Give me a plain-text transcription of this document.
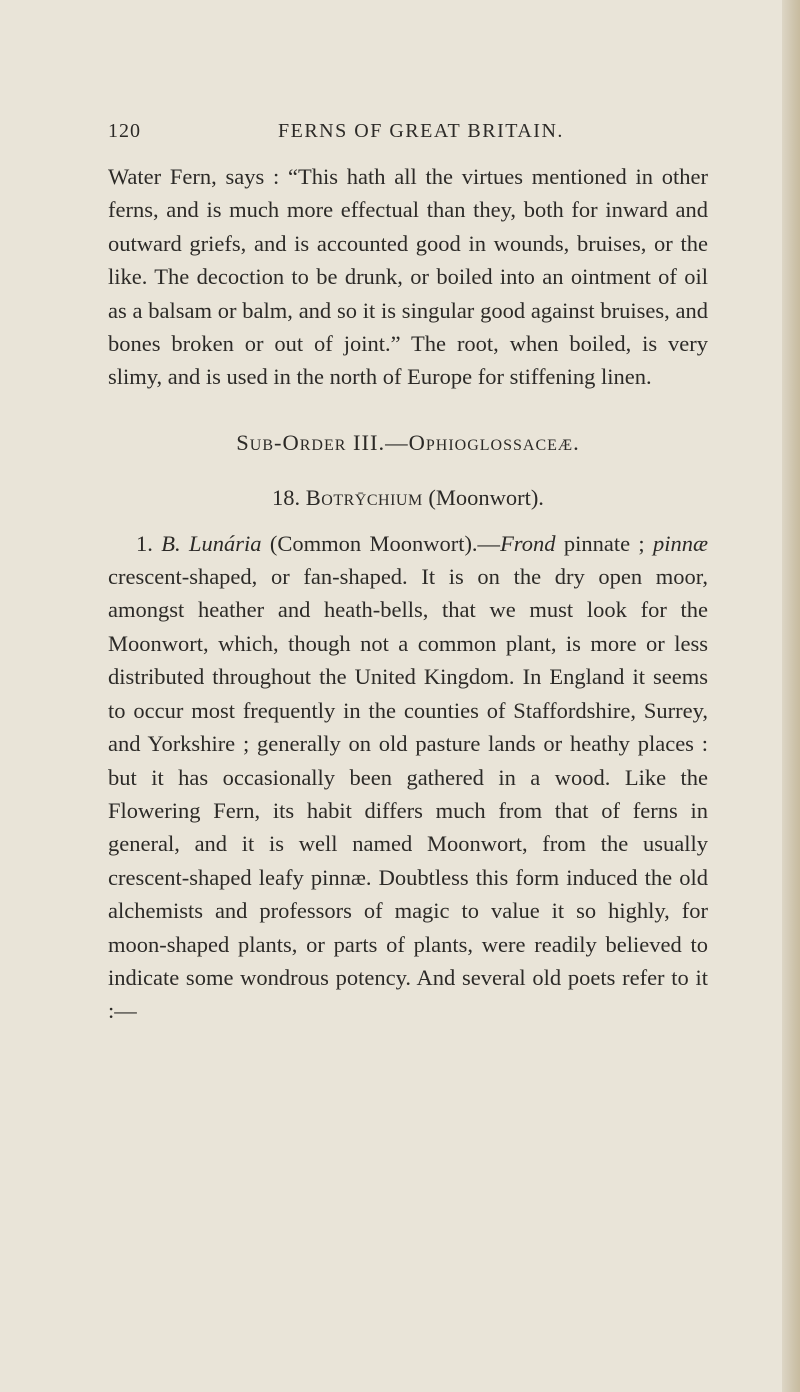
120	FERNS OF GREAT BRITAIN.

Water Fern, says : “This hath all the virtues mentioned in other ferns, and is much more effectual than they, both for inward and outward griefs, and is accounted good in wounds, bruises, or the like. The decoction to be drunk, or boiled into an ointment of oil as a balsam or balm, and so it is singular good against bruises, and bones broken or out of joint.” The root, when boiled, is very slimy, and is used in the north of Europe for stiffening linen.

Sub-Order III.—Ophioglossaceæ.

18. Botrȳchium (Moonwort).

1. B. Lunária (Common Moonwort).—Frond pinnate ; pinnæ crescent-shaped, or fan-shaped. It is on the dry open moor, amongst heather and heath-bells, that we must look for the Moonwort, which, though not a common plant, is more or less distributed throughout the United Kingdom. In England it seems to occur most frequently in the counties of Staffordshire, Surrey, and Yorkshire ; generally on old pasture lands or heathy places : but it has occasionally been gathered in a wood. Like the Flowering Fern, its habit differs much from that of ferns in general, and it is well named Moonwort, from the usually crescent-shaped leafy pinnæ. Doubtless this form induced the old alchemists and professors of magic to value it so highly, for moon-shaped plants, or parts of plants, were readily believed to indicate some wondrous potency. And several old poets refer to it :—
